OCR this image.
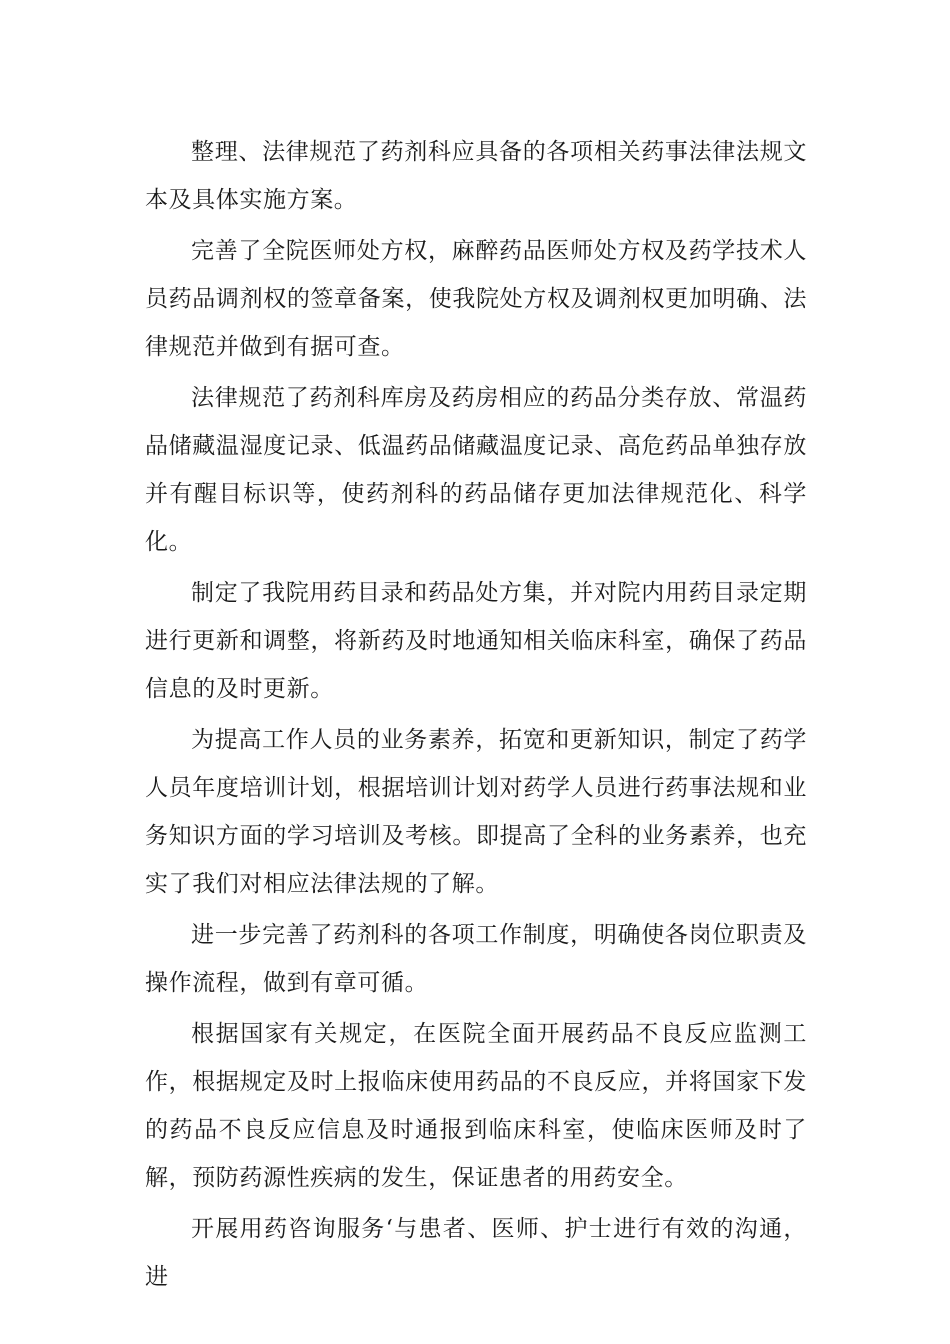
整理、法律规范了药剂科应具备的各项相关药事法律法规文本及具体实施方案。

完善了全院医师处方权，麻醉药品医师处方权及药学技术人员药品调剂权的签章备案，使我院处方权及调剂权更加明确、法律规范并做到有据可查。

法律规范了药剂科库房及药房相应的药品分类存放、常温药品储藏温湿度记录、低温药品储藏温度记录、高危药品单独存放并有醒目标识等，使药剂科的药品储存更加法律规范化、科学化。

制定了我院用药目录和药品处方集，并对院内用药目录定期进行更新和调整，将新药及时地通知相关临床科室，确保了药品信息的及时更新。

为提高工作人员的业务素养，拓宽和更新知识，制定了药学人员年度培训计划，根据培训计划对药学人员进行药事法规和业务知识方面的学习培训及考核。即提高了全科的业务素养，也充实了我们对相应法律法规的了解。

进一步完善了药剂科的各项工作制度，明确使各岗位职责及操作流程，做到有章可循。

根据国家有关规定，在医院全面开展药品不良反应监测工作，根据规定及时上报临床使用药品的不良反应，并将国家下发的药品不良反应信息及时通报到临床科室，使临床医师及时了解，预防药源性疾病的发生，保证患者的用药安全。

开展用药咨询服务‘与患者、医师、护士进行有效的沟通，进
